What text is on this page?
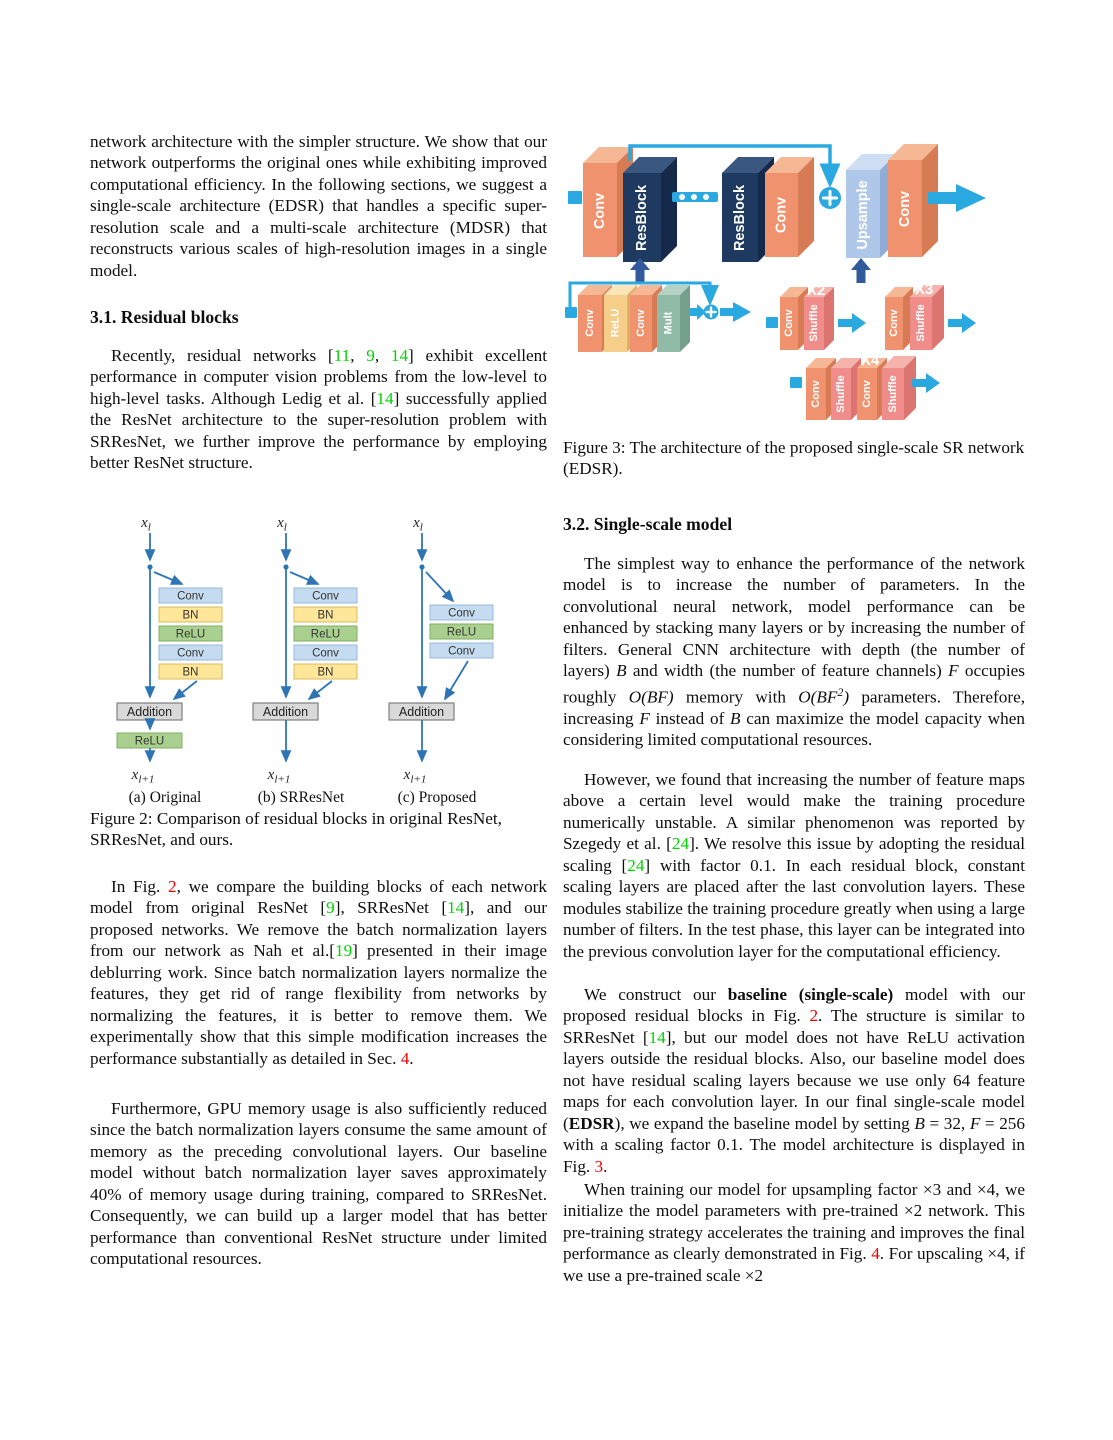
network architecture with the simpler structure. We show that our network outperforms the original ones while exhibiting improved computational efficiency. In the following sections, we suggest a single-scale architecture (EDSR) that handles a specific super-resolution scale and a multi-scale architecture (MDSR) that reconstructs various scales of high-resolution images in a single model.

3.1. Residual blocks

Recently, residual networks [11, 9, 14] exhibit excellent performance in computer vision problems from the low-level to high-level tasks. Although Ledig et al. [14] successfully applied the ResNet architecture to the super-resolution problem with SRResNet, we further improve the performance by employing better ResNet structure.

$x_l$
Conv
BN
ReLU
Conv
BN
Addition
ReLU
$x_{l+1}$
(a) Original
$x_l$
Conv
BN
ReLU
Conv
BN
Addition
$x_{l+1}$
(b) SRResNet
$x_l$
Conv
ReLU
Conv
Addition
$x_{l+1}$
(c) Proposed

Figure 2: Comparison of residual blocks in original ResNet, SRResNet, and ours.

In Fig. 2, we compare the building blocks of each network model from original ResNet [9], SRResNet [14], and our proposed networks. We remove the batch normalization layers from our network as Nah et al.[19] presented in their image deblurring work. Since batch normalization layers normalize the features, they get rid of range flexibility from networks by normalizing the features, it is better to remove them. We experimentally show that this simple modification increases the performance substantially as detailed in Sec. 4.

Furthermore, GPU memory usage is also sufficiently reduced since the batch normalization layers consume the same amount of memory as the preceding convolutional layers. Our baseline model without batch normalization layer saves approximately 40% of memory usage during training, compared to SRResNet. Consequently, we can build up a larger model that has better performance than conventional ResNet structure under limited computational resources.

Conv ResBlock	ResBlock Conv	Upsample Conv
Conv ReLU Conv Mult	Conv Shuffle
X2
Conv Shuffle
X3
Conv Shuffle Conv Shuffle
X4

Figure 3: The architecture of the proposed single-scale SR network (EDSR).

3.2. Single-scale model

The simplest way to enhance the performance of the network model is to increase the number of parameters. In the convolutional neural network, model performance can be enhanced by stacking many layers or by increasing the number of filters. General CNN architecture with depth (the number of layers) B and width (the number of feature channels) F occupies roughly O(BF) memory with $O(BF^2)$ parameters. Therefore, increasing F instead of B can maximize the model capacity when considering limited computational resources.

However, we found that increasing the number of feature maps above a certain level would make the training procedure numerically unstable. A similar phenomenon was reported by Szegedy et al. [24]. We resolve this issue by adopting the residual scaling [24] with factor 0.1. In each residual block, constant scaling layers are placed after the last convolution layers. These modules stabilize the training procedure greatly when using a large number of filters. In the test phase, this layer can be integrated into the previous convolution layer for the computational efficiency.

We construct our baseline (single-scale) model with our proposed residual blocks in Fig. 2. The structure is similar to SRResNet [14], but our model does not have ReLU activation layers outside the residual blocks. Also, our baseline model does not have residual scaling layers because we use only 64 feature maps for each convolution layer. In our final single-scale model (EDSR), we expand the baseline model by setting B = 32, F = 256 with a scaling factor 0.1. The model architecture is displayed in Fig. 3.

When training our model for upsampling factor ×3 and ×4, we initialize the model parameters with pre-trained ×2 network. This pre-training strategy accelerates the training and improves the final performance as clearly demonstrated in Fig. 4. For upscaling ×4, if we use a pre-trained scale ×2
